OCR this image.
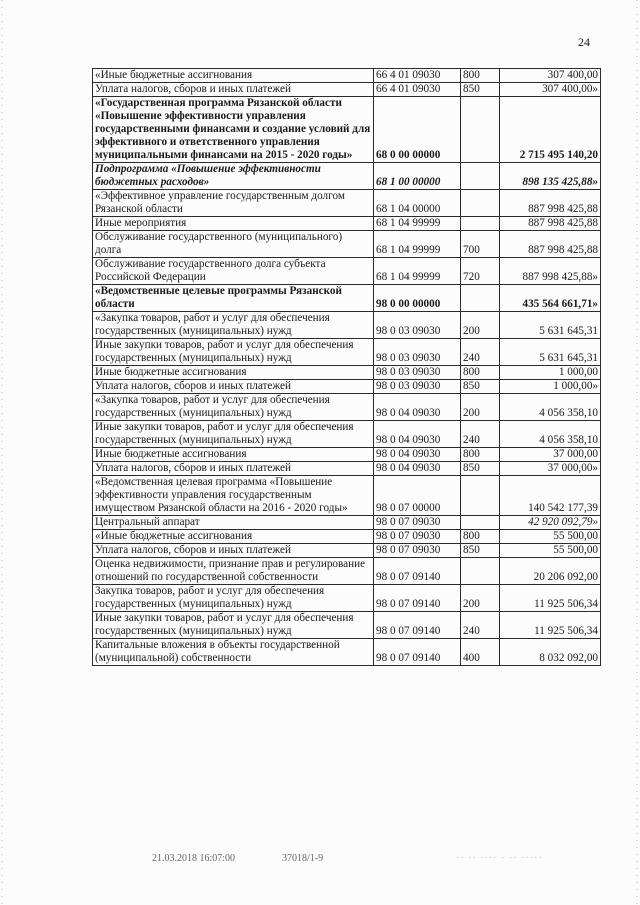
24
«Иные бюджетные ассигнования	66 4 01 09030	800	307 400,00
Уплата налогов, сборов и иных платежей	66 4 01 09030	850	307 400,00»
«Государственная программа Рязанской области «Повышение эффективности управления государственными финансами и создание условий для эффективного и ответственного управления муниципальными финансами на 2015 - 2020 годы»	68 0 00 00000		2 715 495 140,20
Подпрограмма «Повышение эффективности бюджетных расходов»	68 1 00 00000		898 135 425,88»
«Эффективное управление государственным долгом Рязанской области	68 1 04 00000		887 998 425,88
Иные мероприятия	68 1 04 99999		887 998 425,88
Обслуживание государственного (муниципального) долга	68 1 04 99999	700	887 998 425,88
Обслуживание государственного долга субъекта Российской Федерации	68 1 04 99999	720	887 998 425,88»
«Ведомственные целевые программы Рязанской области	98 0 00 00000		435 564 661,71»
«Закупка товаров, работ и услуг для обеспечения государственных (муниципальных) нужд	98 0 03 09030	200	5 631 645,31
Иные закупки товаров, работ и услуг для обеспечения государственных (муниципальных) нужд	98 0 03 09030	240	5 631 645,31
Иные бюджетные ассигнования	98 0 03 09030	800	1 000,00
Уплата налогов, сборов и иных платежей	98 0 03 09030	850	1 000,00»
«Закупка товаров, работ и услуг для обеспечения государственных (муниципальных) нужд	98 0 04 09030	200	4 056 358,10
Иные закупки товаров, работ и услуг для обеспечения государственных (муниципальных) нужд	98 0 04 09030	240	4 056 358,10
Иные бюджетные ассигнования	98 0 04 09030	800	37 000,00
Уплата налогов, сборов и иных платежей	98 0 04 09030	850	37 000,00»
«Ведомственная целевая программа «Повышение эффективности управления государственным имуществом Рязанской области на 2016 - 2020 годы»	98 0 07 00000		140 542 177,39
Центральный аппарат	98 0 07 09030		42 920 092,79»
«Иные бюджетные ассигнования	98 0 07 09030	800	55 500,00
Уплата налогов, сборов и иных платежей	98 0 07 09030	850	55 500,00
Оценка недвижимости, признание прав и регулирование отношений по государственной собственности	98 0 07 09140		20 206 092,00
Закупка товаров, работ и услуг для обеспечения государственных (муниципальных) нужд	98 0 07 09140	200	11 925 506,34
Иные закупки товаров, работ и услуг для обеспечения государственных (муниципальных) нужд	98 0 07 09140	240	11 925 506,34
Капитальные вложения в объекты государственной (муниципальной) собственности	98 0 07 09140	400	8 032 092,00
21.03.2018 16:07:00	37018/1-9	·· ·· ···· · ·· ·····
